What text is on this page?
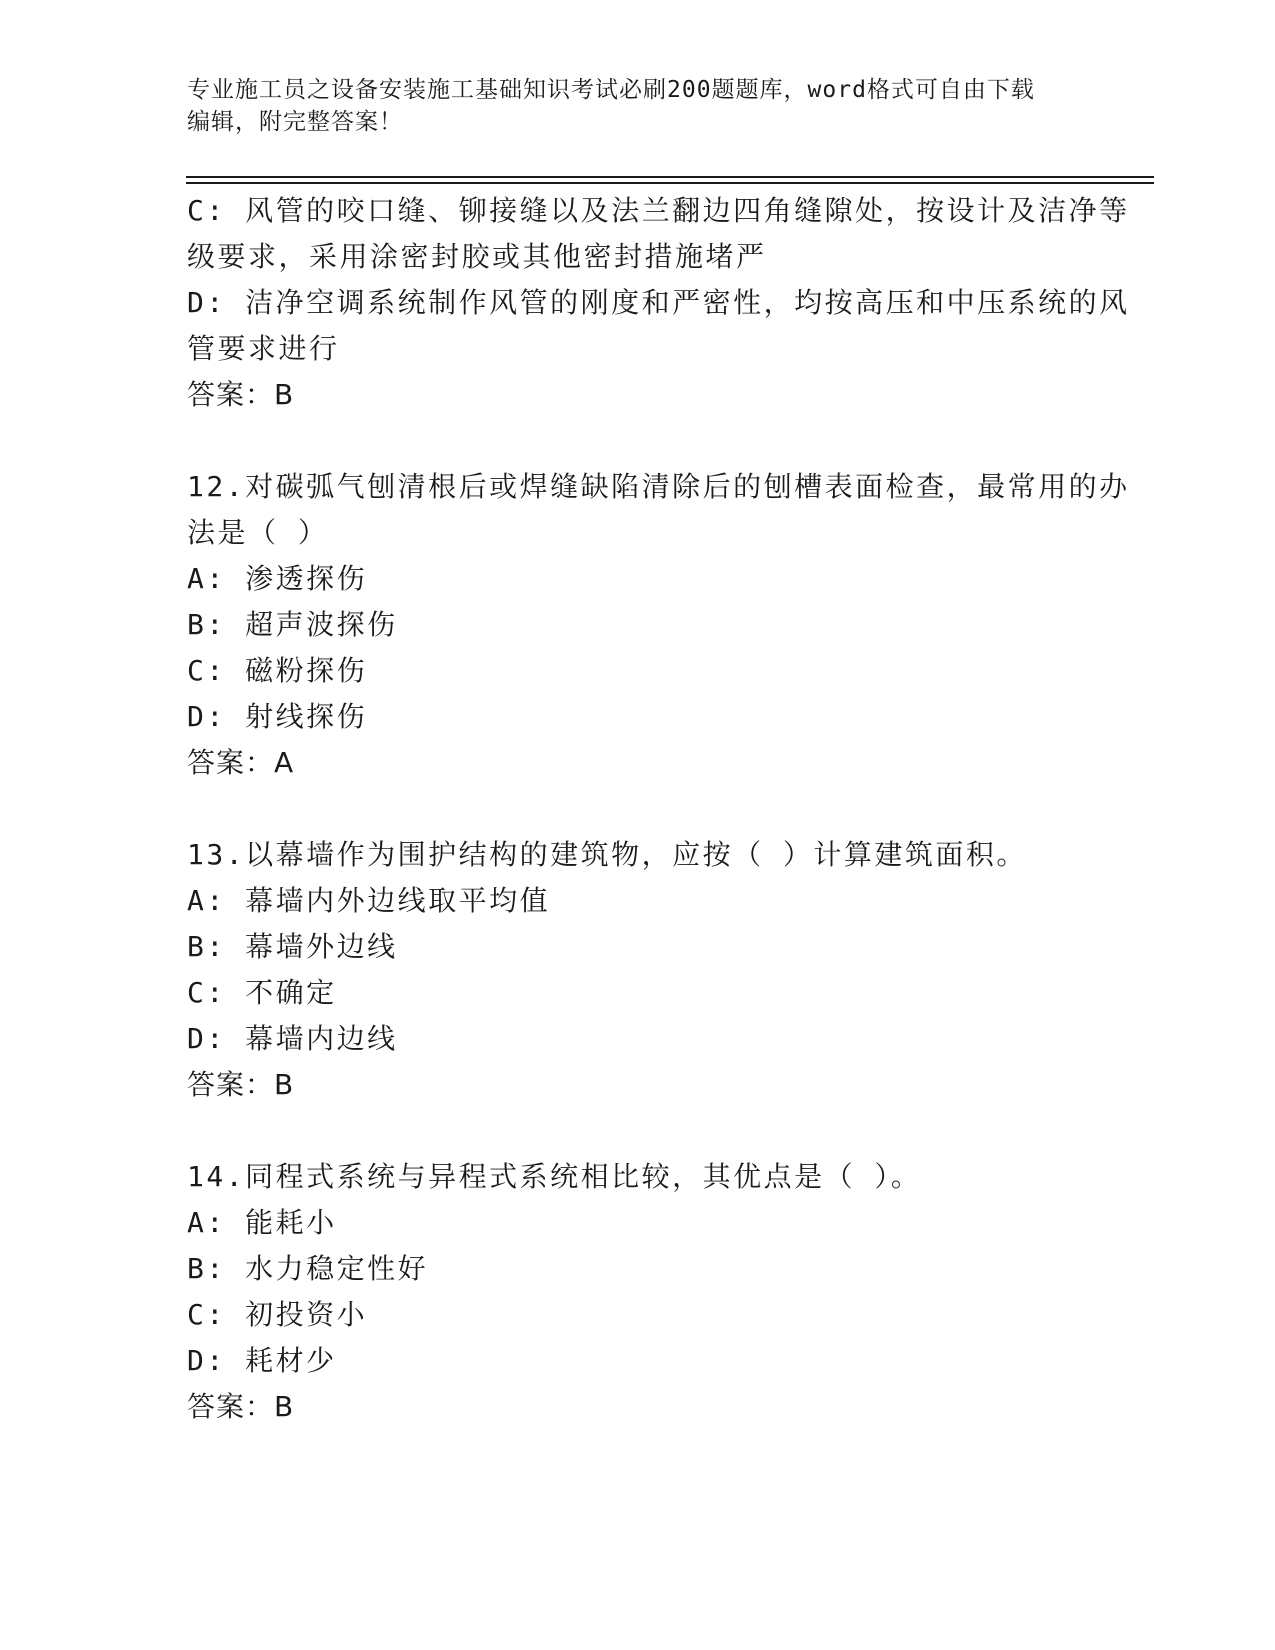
专业施工员之设备安装施工基础知识考试必刷200题题库，word格式可自由下载

编辑，附完整答案！

C: 风管的咬口缝、铆接缝以及法兰翻边四角缝隙处，按设计及洁净等
级要求，采用涂密封胶或其他密封措施堵严
D: 洁净空调系统制作风管的刚度和严密性，均按高压和中压系统的风
管要求进行
答案：B
12.对碳弧气刨清根后或焊缝缺陷清除后的刨槽表面检查，最常用的办
法是（ ）
A: 渗透探伤
B: 超声波探伤
C: 磁粉探伤
D: 射线探伤
答案：A
13.以幕墙作为围护结构的建筑物，应按（ ）计算建筑面积。
A: 幕墙内外边线取平均值
B: 幕墙外边线
C: 不确定
D: 幕墙内边线
答案：B
14.同程式系统与异程式系统相比较，其优点是（ ）。
A: 能耗小
B: 水力稳定性好
C: 初投资小
D: 耗材少
答案：B
